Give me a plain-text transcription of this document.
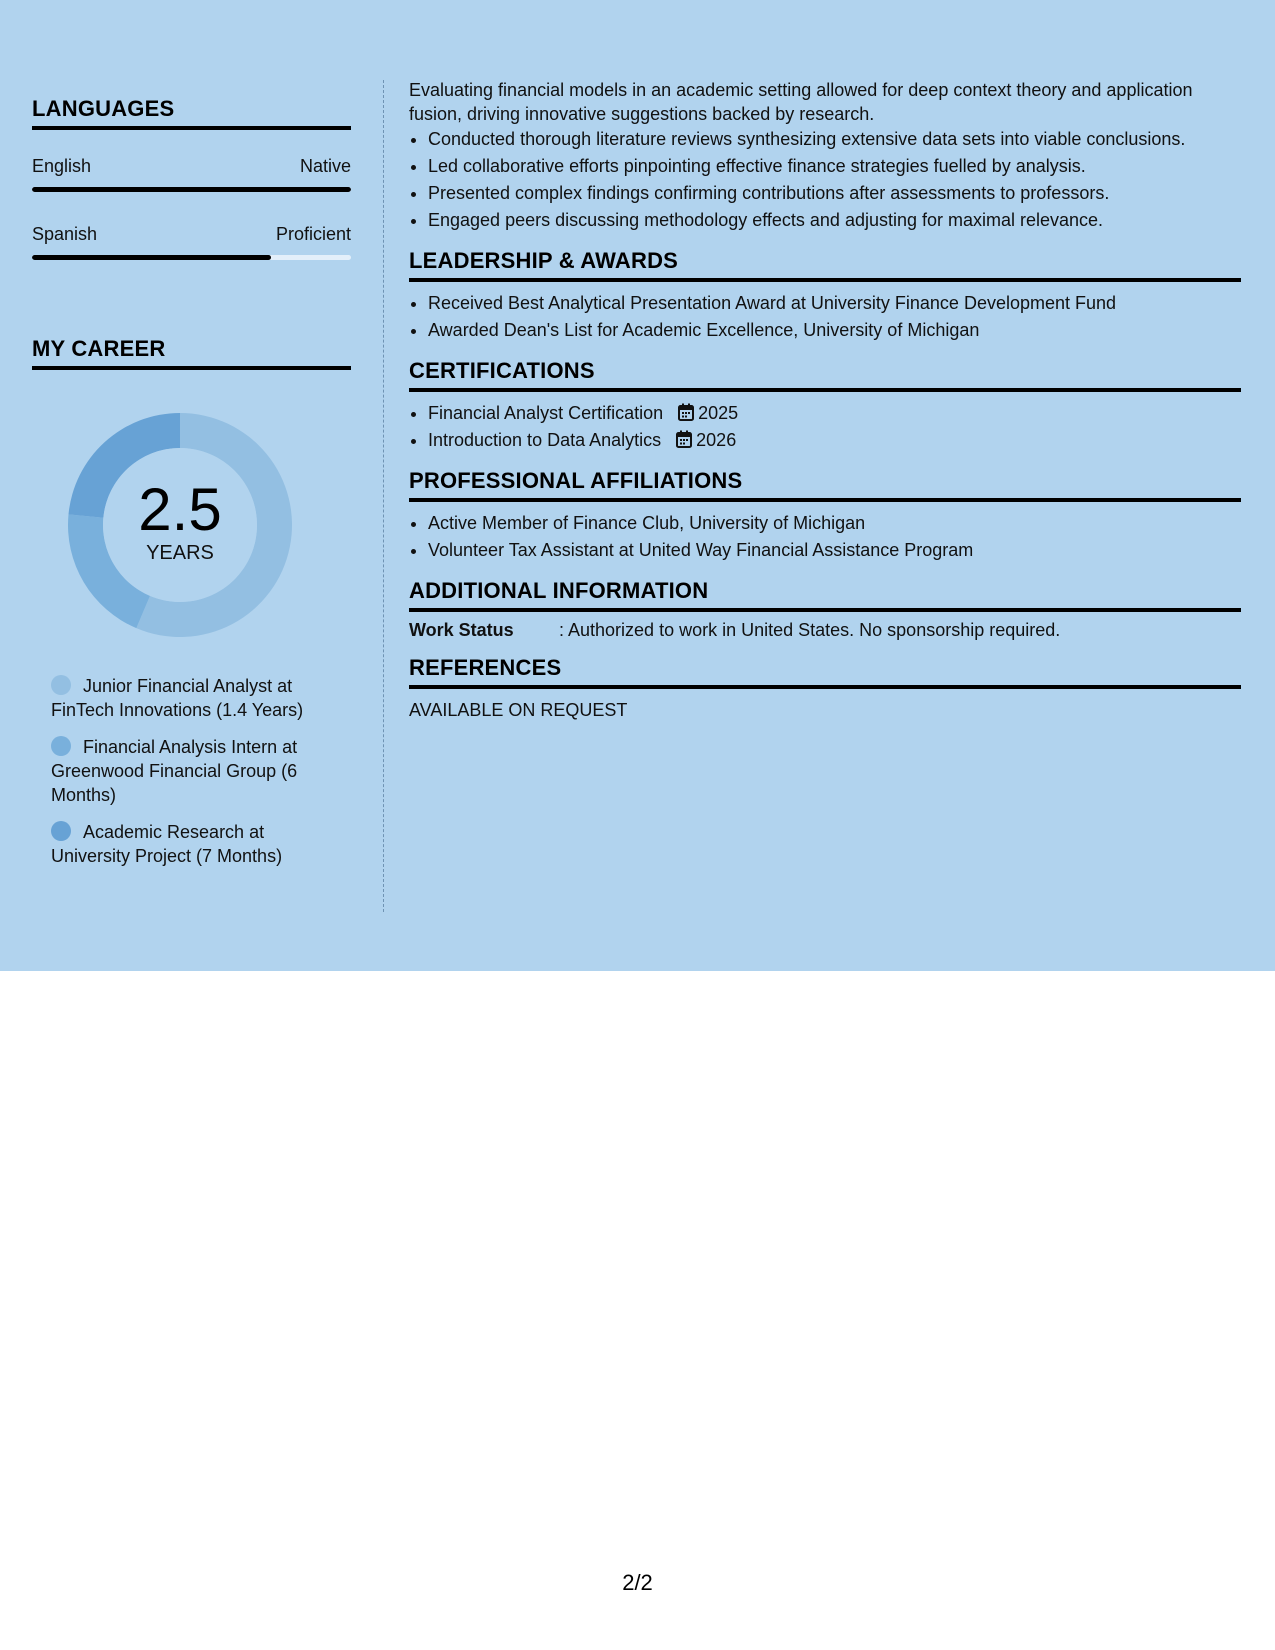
LANGUAGES
English	Native
Spanish	Proficient
MY CAREER
2.5
YEARS
Junior Financial Analyst at FinTech Innovations (1.4 Years)
Financial Analysis Intern at Greenwood Financial Group (6 Months)
Academic Research at University Project (7 Months)

Evaluating financial models in an academic setting allowed for deep context theory and application fusion, driving innovative suggestions backed by research.

• Conducted thorough literature reviews synthesizing extensive data sets into viable conclusions.
• Led collaborative efforts pinpointing effective finance strategies fuelled by analysis.
• Presented complex findings confirming contributions after assessments to professors.
• Engaged peers discussing methodology effects and adjusting for maximal relevance.
LEADERSHIP & AWARDS
• Received Best Analytical Presentation Award at University Finance Development Fund
• Awarded Dean's List for Academic Excellence, University of Michigan
CERTIFICATIONS
• Financial Analyst Certification 2025
• Introduction to Data Analytics 2026
PROFESSIONAL AFFILIATIONS
• Active Member of Finance Club, University of Michigan
• Volunteer Tax Assistant at United Way Financial Assistance Program
ADDITIONAL INFORMATION
Work Status	: Authorized to work in United States. No sponsorship required.
REFERENCES
AVAILABLE ON REQUEST
2/2
